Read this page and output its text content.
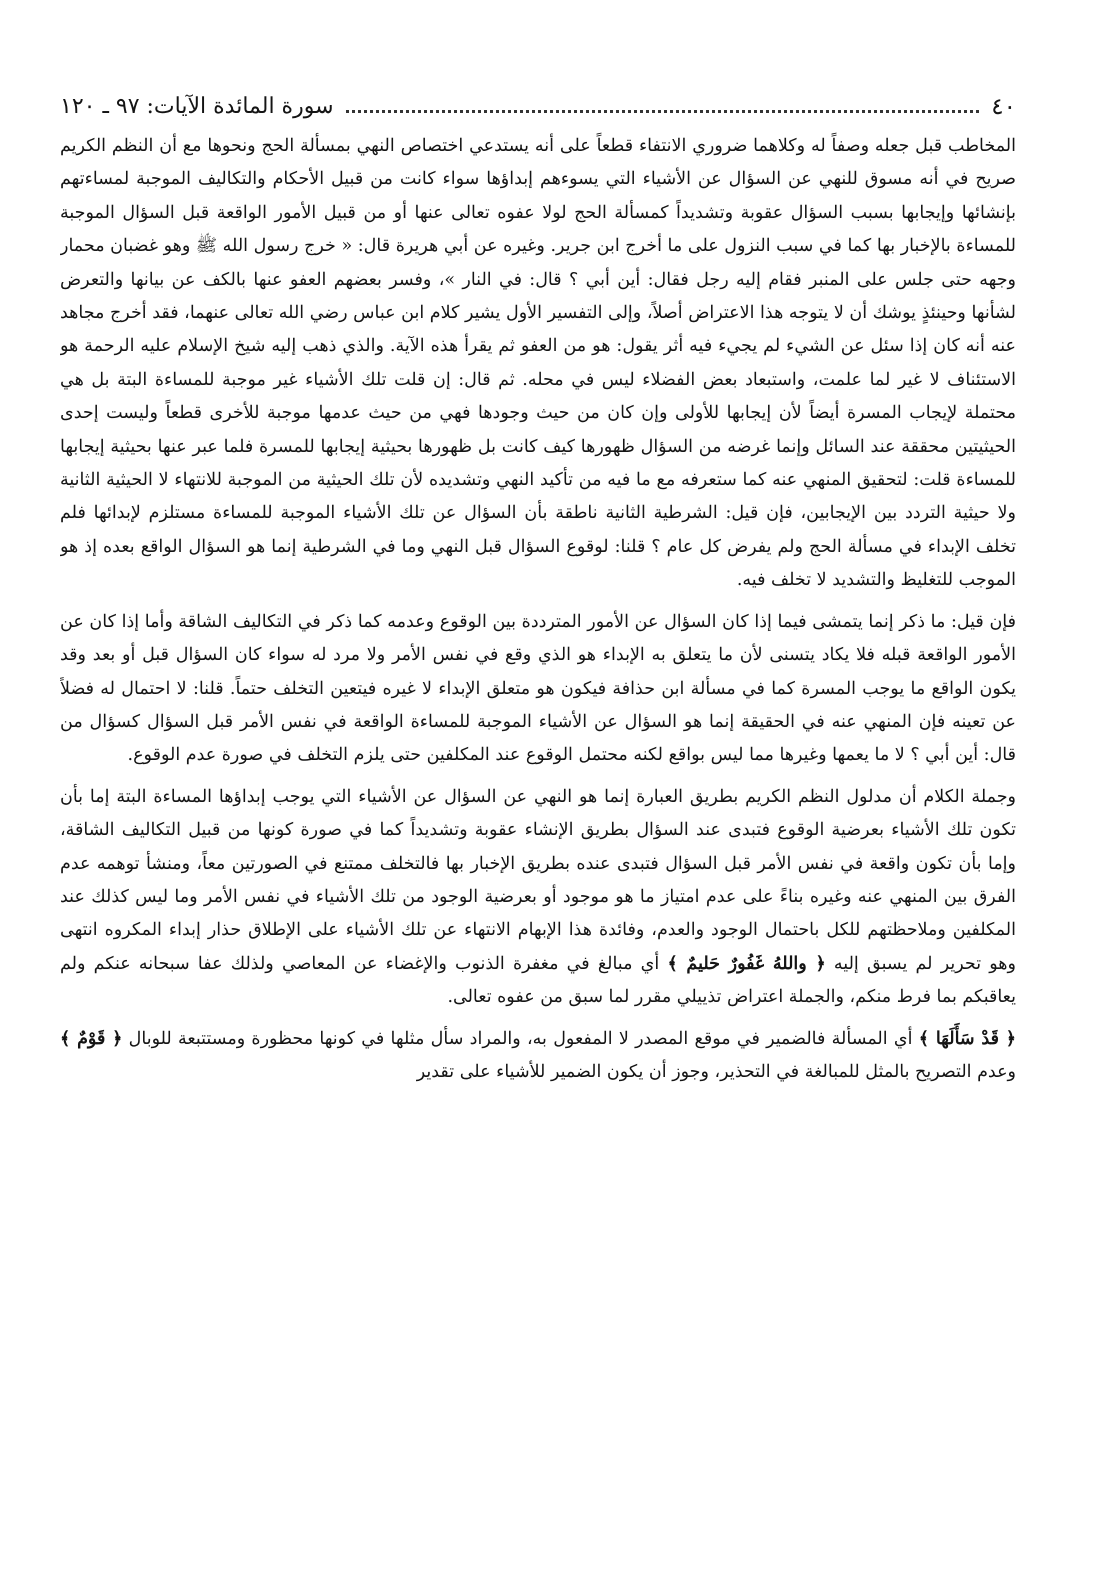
٤٠
سورة المائدة الآيات: ٩٧ ـ ١٢٠

المخاطب قبل جعله وصفاً له وكلاهما ضروري الانتفاء قطعاً على أنه يستدعي اختصاص النهي بمسألة الحج ونحوها مع أن النظم الكريم صريح في أنه مسوق للنهي عن السؤال عن الأشياء التي يسوءهم إبداؤها سواء كانت من قبيل الأحكام والتكاليف الموجبة لمساءتهم بإنشائها وإيجابها بسبب السؤال عقوبة وتشديداً كمسألة الحج لولا عفوه تعالى عنها أو من قبيل الأمور الواقعة قبل السؤال الموجبة للمساءة بالإخبار بها كما في سبب النزول على ما أخرج ابن جرير. وغيره عن أبي هريرة قال: « خرج رسول الله ﷺ وهو غضبان محمار وجهه حتى جلس على المنبر فقام إليه رجل فقال: أين أبي ؟ قال: في النار »، وفسر بعضهم العفو عنها بالكف عن بيانها والتعرض لشأنها وحينئذٍ يوشك أن لا يتوجه هذا الاعتراض أصلاً، وإلى التفسير الأول يشير كلام ابن عباس رضي الله تعالى عنهما، فقد أخرج مجاهد عنه أنه كان إذا سئل عن الشيء لم يجيء فيه أثر يقول: هو من العفو ثم يقرأ هذه الآية. والذي ذهب إليه شيخ الإسلام عليه الرحمة هو الاستئناف لا غير لما علمت، واستبعاد بعض الفضلاء ليس في محله. ثم قال: إن قلت تلك الأشياء غير موجبة للمساءة البتة بل هي محتملة لإيجاب المسرة أيضاً لأن إيجابها للأولى وإن كان من حيث وجودها فهي من حيث عدمها موجبة للأخرى قطعاً وليست إحدى الحيثيتين محققة عند السائل وإنما غرضه من السؤال ظهورها كيف كانت بل ظهورها بحيثية إيجابها للمسرة فلما عبر عنها بحيثية إيجابها للمساءة قلت: لتحقيق المنهي عنه كما ستعرفه مع ما فيه من تأكيد النهي وتشديده لأن تلك الحيثية من الموجبة للانتهاء لا الحيثية الثانية ولا حيثية التردد بين الإيجابين، فإن قيل: الشرطية الثانية ناطقة بأن السؤال عن تلك الأشياء الموجبة للمساءة مستلزم لإبدائها فلم تخلف الإبداء في مسألة الحج ولم يفرض كل عام ؟ قلنا: لوقوع السؤال قبل النهي وما في الشرطية إنما هو السؤال الواقع بعده إذ هو الموجب للتغليظ والتشديد لا تخلف فيه.

فإن قيل: ما ذكر إنما يتمشى فيما إذا كان السؤال عن الأمور المترددة بين الوقوع وعدمه كما ذكر في التكاليف الشاقة وأما إذا كان عن الأمور الواقعة قبله فلا يكاد يتسنى لأن ما يتعلق به الإبداء هو الذي وقع في نفس الأمر ولا مرد له سواء كان السؤال قبل أو بعد وقد يكون الواقع ما يوجب المسرة كما في مسألة ابن حذافة فيكون هو متعلق الإبداء لا غيره فيتعين التخلف حتماً. قلنا: لا احتمال له فضلاً عن تعينه فإن المنهي عنه في الحقيقة إنما هو السؤال عن الأشياء الموجبة للمساءة الواقعة في نفس الأمر قبل السؤال كسؤال من قال: أين أبي ؟ لا ما يعمها وغيرها مما ليس بواقع لكنه محتمل الوقوع عند المكلفين حتى يلزم التخلف في صورة عدم الوقوع.

وجملة الكلام أن مدلول النظم الكريم بطريق العبارة إنما هو النهي عن السؤال عن الأشياء التي يوجب إبداؤها المساءة البتة إما بأن تكون تلك الأشياء بعرضية الوقوع فتبدى عند السؤال بطريق الإنشاء عقوبة وتشديداً كما في صورة كونها من قبيل التكاليف الشاقة، وإما بأن تكون واقعة في نفس الأمر قبل السؤال فتبدى عنده بطريق الإخبار بها فالتخلف ممتنع في الصورتين معاً، ومنشأ توهمه عدم الفرق بين المنهي عنه وغيره بناءً على عدم امتياز ما هو موجود أو بعرضية الوجود من تلك الأشياء في نفس الأمر وما ليس كذلك عند المكلفين وملاحظتهم للكل باحتمال الوجود والعدم، وفائدة هذا الإبهام الانتهاء عن تلك الأشياء على الإطلاق حذار إبداء المكروه انتهى وهو تحرير لم يسبق إليه ﴿ واللهُ غَفُورٌ حَليمٌ ﴾ أي مبالغ في مغفرة الذنوب والإغضاء عن المعاصي ولذلك عفا سبحانه عنكم ولم يعاقبكم بما فرط منكم، والجملة اعتراض تذييلي مقرر لما سبق من عفوه تعالى.

﴿ قَدْ سَأَلَهَا ﴾ أي المسألة فالضمير في موقع المصدر لا المفعول به، والمراد سأل مثلها في كونها محظورة ومستتبعة للوبال ﴿ قَوْمٌ ﴾ وعدم التصريح بالمثل للمبالغة في التحذير، وجوز أن يكون الضمير للأشياء على تقدير
